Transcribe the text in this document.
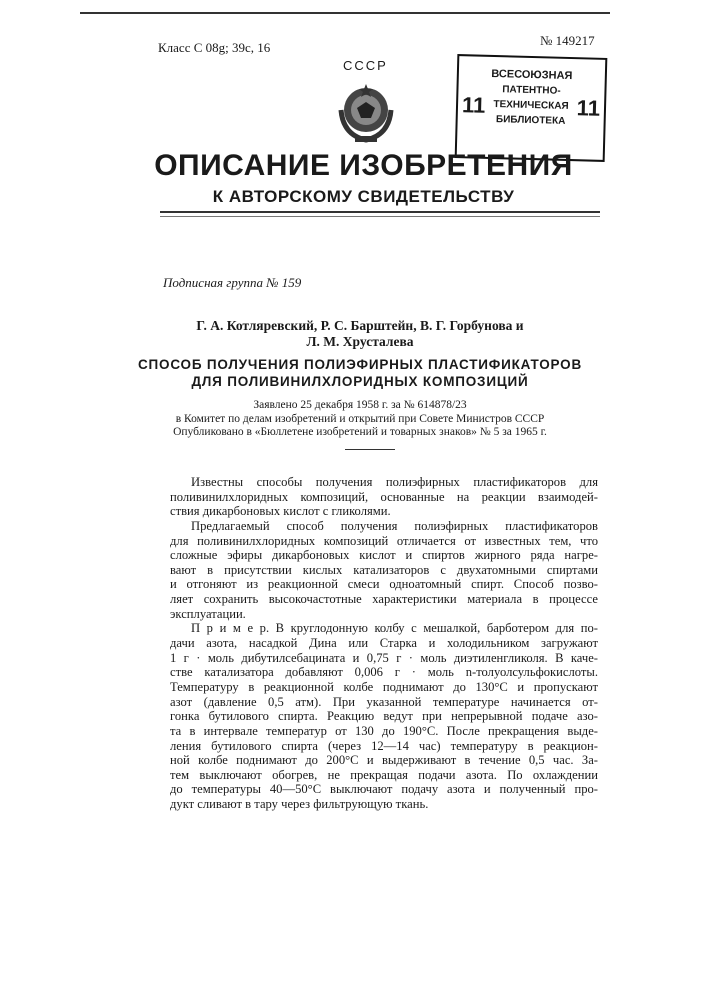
Класс С 08g; 39с, 16	№ 149217
СССР
11	11
ВСЕСОЮЗНАЯ
ПАТЕНТНО-
ТЕХНИЧЕСКАЯ
БИБЛИОТЕКА
ОПИСАНИЕ ИЗОБРЕТЕНИЯ
К АВТОРСКОМУ СВИДЕТЕЛЬСТВУ
Подписная группа № 159
Г. А. Котляревский, Р. С. Барштейн, В. Г. Горбунова и
Л. М. Хрусталева
СПОСОБ ПОЛУЧЕНИЯ ПОЛИЭФИРНЫХ ПЛАСТИФИКАТОРОВ
ДЛЯ ПОЛИВИНИЛХЛОРИДНЫХ КОМПОЗИЦИЙ
Заявлено 25 декабря 1958 г. за № 614878/23
в Комитет по делам изобретений и открытий при Совете Министров СССР
Опубликовано в «Бюллетене изобретений и товарных знаков» № 5 за 1965 г.
Известны способы получения полиэфирных пластификаторов для
поливинилхлоридных композиций, основанные на реакции взаимодей-
ствия дикарбоновых кислот с гликолями.
Предлагаемый способ получения полиэфирных пластификаторов
для поливинилхлоридных композиций отличается от известных тем, что
сложные эфиры дикарбоновых кислот и спиртов жирного ряда нагре-
вают в присутствии кислых катализаторов с двухатомными спиртами
и отгоняют из реакционной смеси одноатомный спирт. Способ позво-
ляет сохранить высокочастотные характеристики материала в процессе
эксплуатации.
П р и м е р. В круглодонную колбу с мешалкой, барботером для по-
дачи азота, насадкой Дина или Старка и холодильником загружают
1 г · моль дибутилсебацината и 0,75 г · моль диэтиленгликоля. В каче-
стве катализатора добавляют 0,006 г · моль n-толуолсульфокислоты.
Температуру в реакционной колбе поднимают до 130°С и пропускают
азот (давление 0,5 атм). При указанной температуре начинается от-
гонка бутилового спирта. Реакцию ведут при непрерывной подаче азо-
та в интервале температур от 130 до 190°С. После прекращения выде-
ления бутилового спирта (через 12—14 час) температуру в реакцион-
ной колбе поднимают до 200°С и выдерживают в течение 0,5 час. За-
тем выключают обогрев, не прекращая подачи азота. По охлаждении
до температуры 40—50°С выключают подачу азота и полученный про-
дукт сливают в тару через фильтрующую ткань.
